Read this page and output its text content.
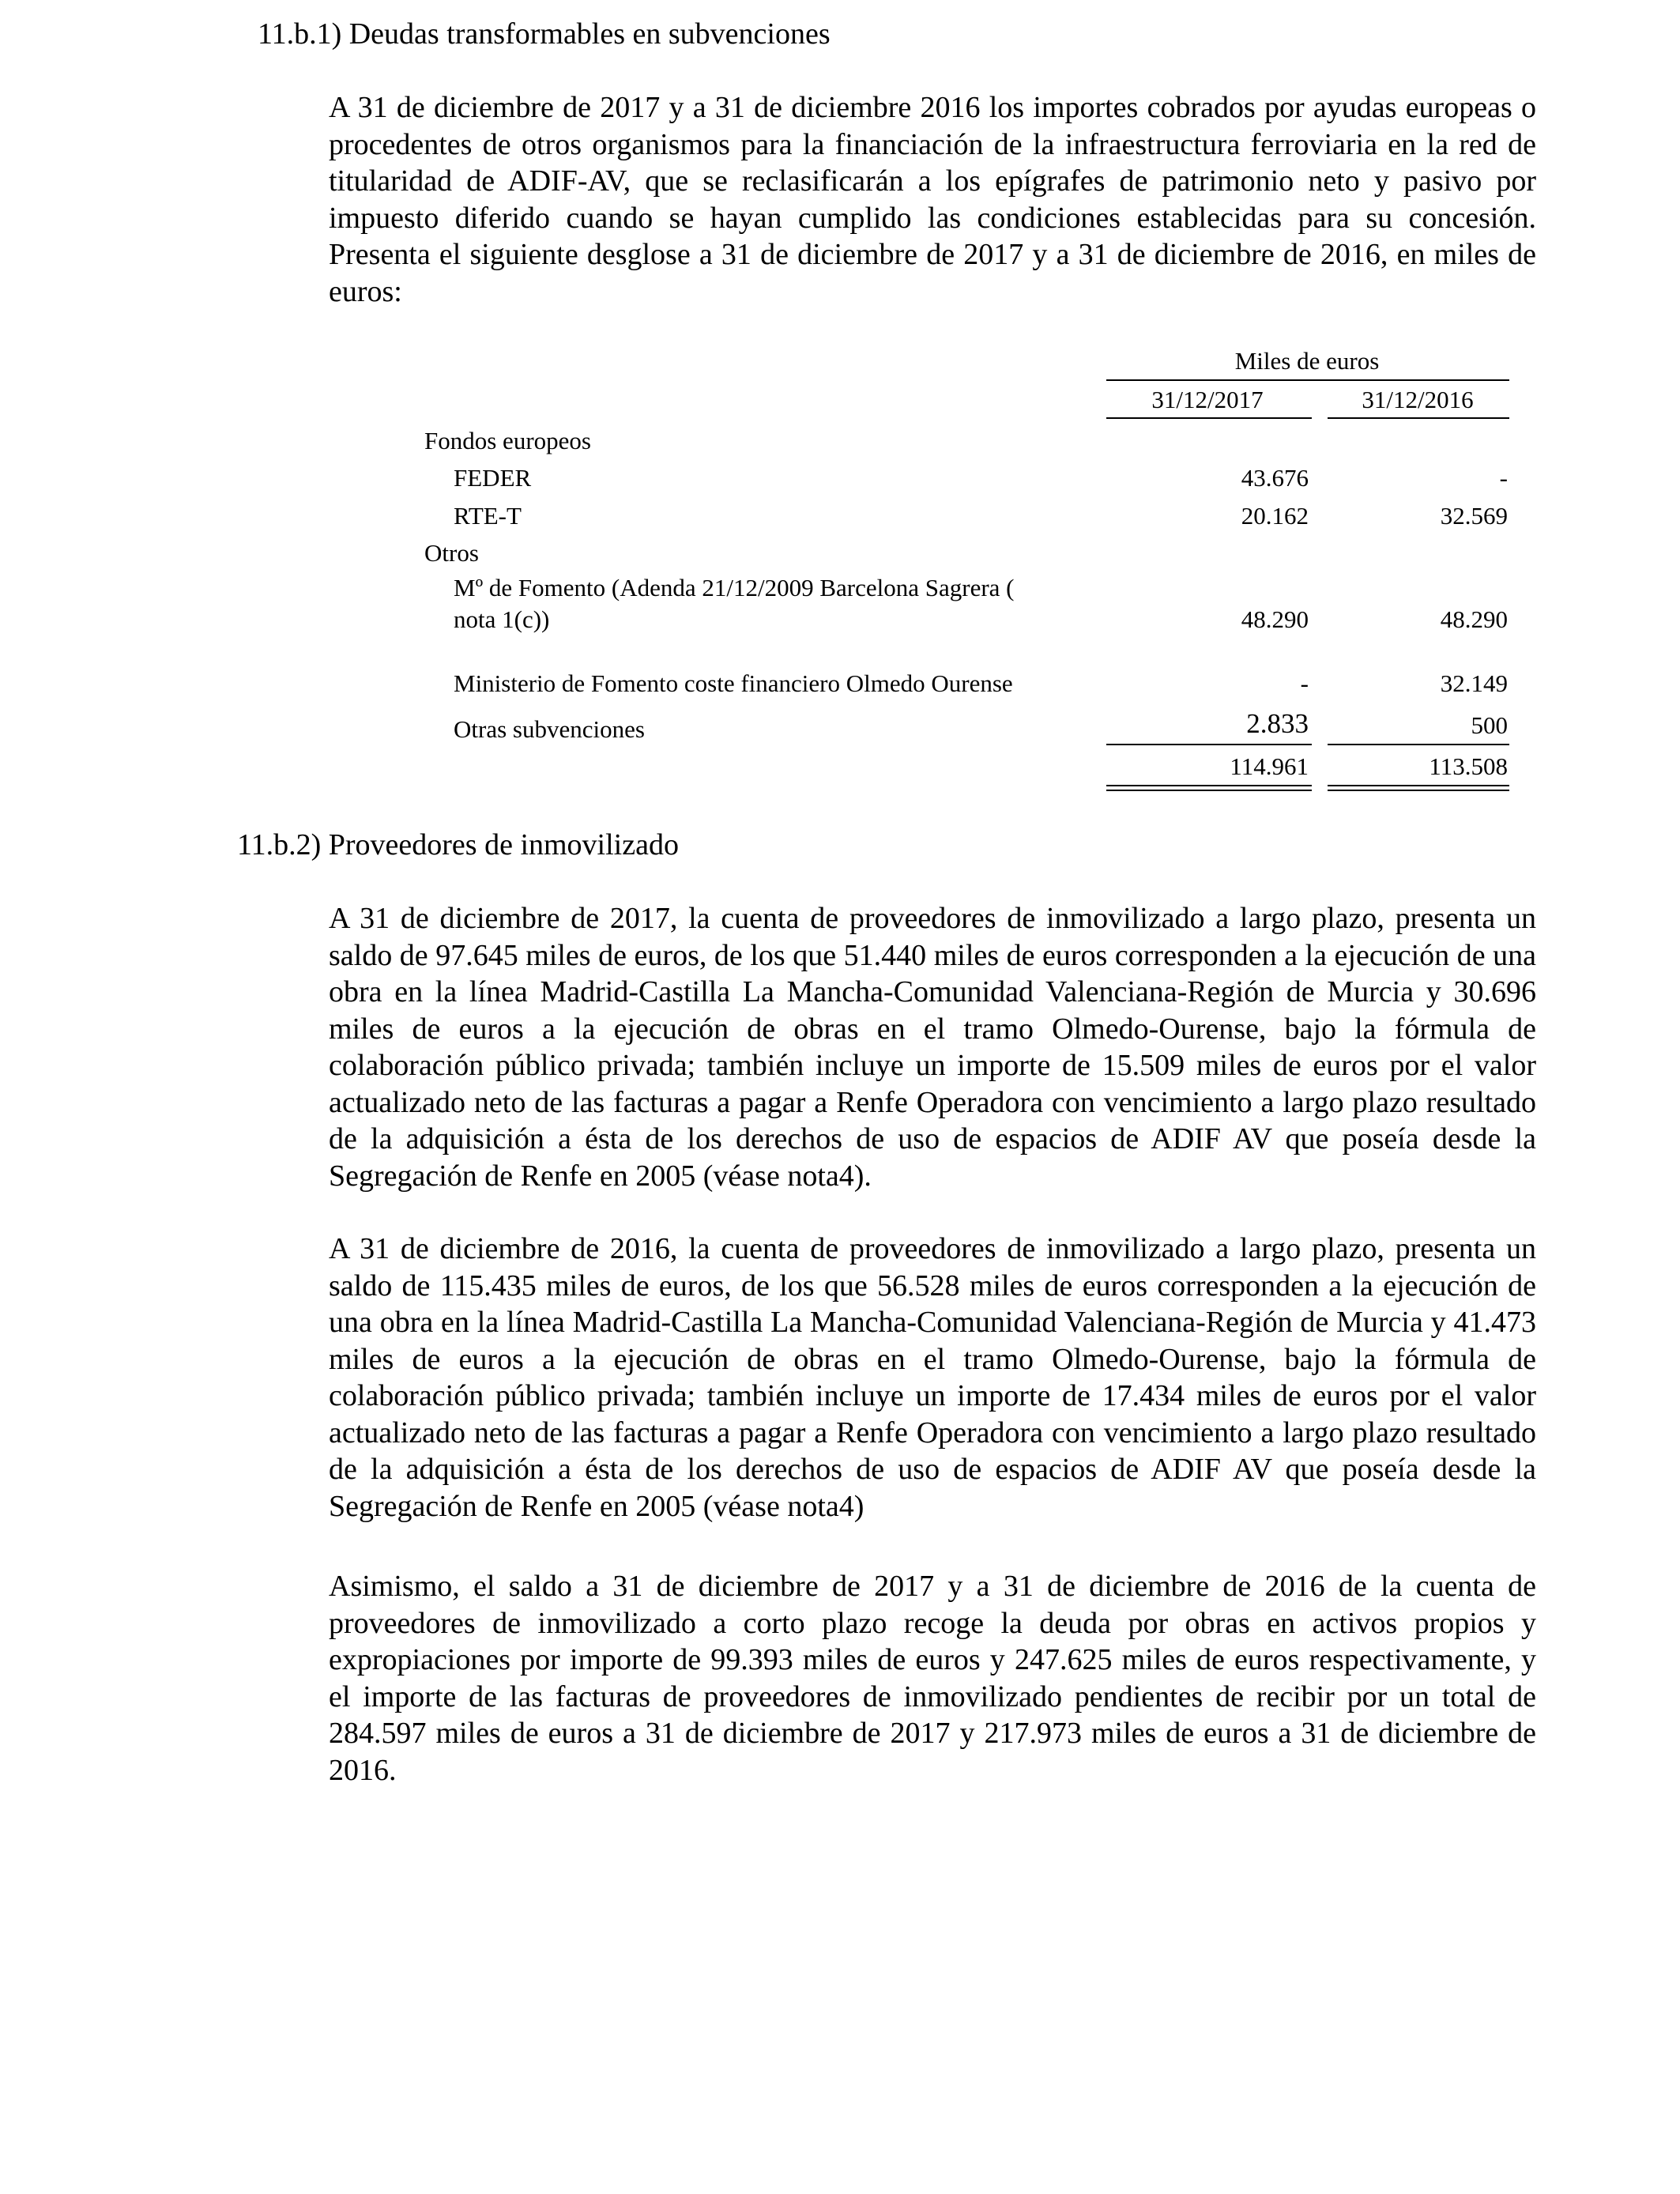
11.b.1) Deudas transformables en subvenciones

A 31 de diciembre de 2017 y a 31 de diciembre 2016 los importes cobrados por ayudas europeas o procedentes de otros organismos para la financiación de la infraestructura ferroviaria en la red de titularidad de ADIF-AV, que se reclasificarán a los epígrafes de patrimonio neto y pasivo por impuesto diferido cuando se hayan cumplido las condiciones establecidas para su concesión. Presenta el siguiente desglose a 31 de diciembre de 2017 y a 31 de diciembre de 2016, en miles de euros:

Miles de euros
31/12/2017	31/12/2016
Fondos europeos
FEDER	43.676	-
RTE-T	20.162	32.569
Otros
Mº de Fomento (Adenda 21/12/2009 Barcelona Sagrera (
nota 1(c))	48.290	48.290
Ministerio de Fomento coste financiero Olmedo Ourense	-	32.149
Otras subvenciones	2.833	500
114.961	113.508
11.b.2) Proveedores de inmovilizado

A 31 de diciembre de 2017, la cuenta de proveedores de inmovilizado a largo plazo, presenta un saldo de 97.645 miles de euros, de los que 51.440 miles de euros corresponden a la ejecución de una obra en la línea Madrid-Castilla La Mancha-Comunidad Valenciana-Región de Murcia y 30.696 miles de euros a la ejecución de obras en el tramo Olmedo-Ourense, bajo la fórmula de colaboración público privada; también incluye un importe de 15.509 miles de euros por el valor actualizado neto de las facturas a pagar a Renfe Operadora con vencimiento a largo plazo resultado de la adquisición a ésta de los derechos de uso de espacios de ADIF AV que poseía desde la Segregación de Renfe en 2005 (véase nota4).

A 31 de diciembre de 2016, la cuenta de proveedores de inmovilizado a largo plazo, presenta un saldo de 115.435 miles de euros, de los que 56.528 miles de euros corresponden a la ejecución de una obra en la línea Madrid-Castilla La Mancha-Comunidad Valenciana-Región de Murcia y 41.473 miles de euros a la ejecución de obras en el tramo Olmedo-Ourense, bajo la fórmula de colaboración público privada; también incluye un importe de 17.434 miles de euros por el valor actualizado neto de las facturas a pagar a Renfe Operadora con vencimiento a largo plazo resultado de la adquisición a ésta de los derechos de uso de espacios de ADIF AV que poseía desde la Segregación de Renfe en 2005 (véase nota4)

Asimismo, el saldo a 31 de diciembre de 2017 y a 31 de diciembre de 2016 de la cuenta de proveedores de inmovilizado a corto plazo recoge la deuda por obras en activos propios y expropiaciones por importe de 99.393 miles de euros y 247.625 miles de euros respectivamente, y el importe de las facturas de proveedores de inmovilizado pendientes de recibir por un total de 284.597 miles de euros a 31 de diciembre de 2017 y 217.973 miles de euros a 31 de diciembre de 2016.
